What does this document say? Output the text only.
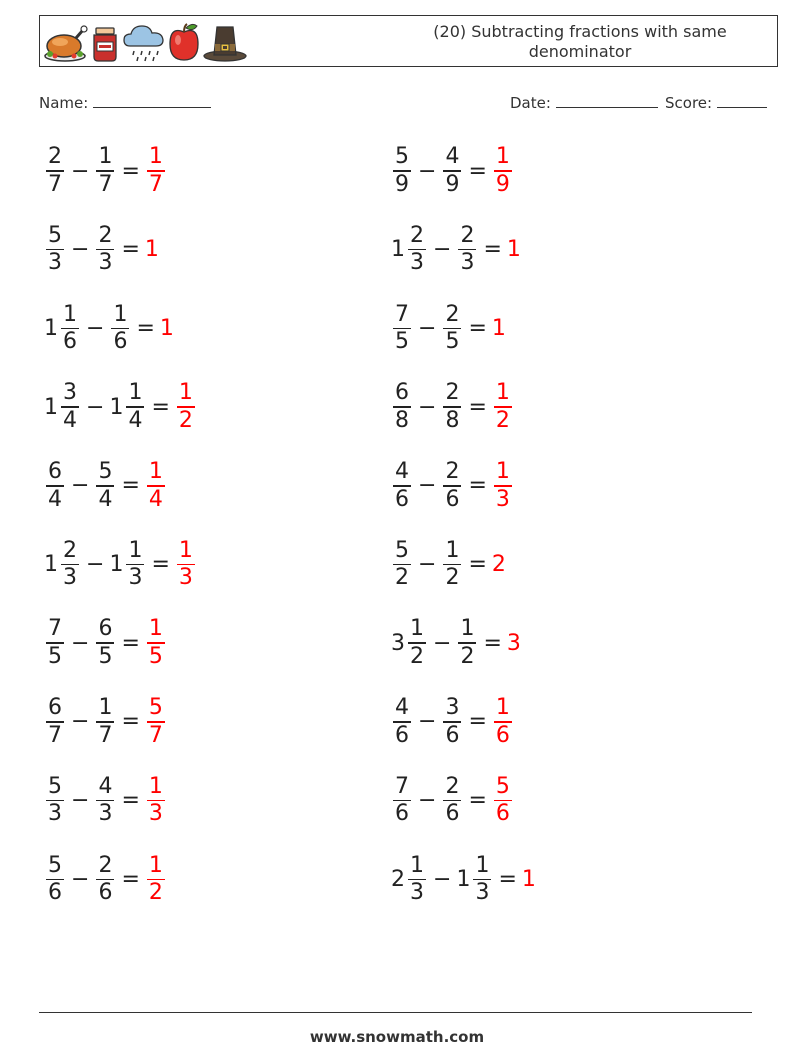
(20) Subtracting fractions with same denominator
Name:	Date:	Score:
$\frac{2}{7} - \frac{1}{7} = \frac{1}{7}$	$\frac{5}{9} - \frac{4}{9} = \frac{1}{9}$
$\frac{5}{3} - \frac{2}{3} = 1$	$1 \frac{2}{3} - \frac{2}{3} = 1$
$1 \frac{1}{6} - \frac{1}{6} = 1$	$\frac{7}{5} - \frac{2}{5} = 1$
$1 \frac{3}{4} - 1 \frac{1}{4} = \frac{1}{2}$	$\frac{6}{8} - \frac{2}{8} = \frac{1}{2}$
$\frac{6}{4} - \frac{5}{4} = \frac{1}{4}$	$\frac{4}{6} - \frac{2}{6} = \frac{1}{3}$
$1 \frac{2}{3} - 1 \frac{1}{3} = \frac{1}{3}$	$\frac{5}{2} - \frac{1}{2} = 2$
$\frac{7}{5} - \frac{6}{5} = \frac{1}{5}$	$3 \frac{1}{2} - \frac{1}{2} = 3$
$\frac{6}{7} - \frac{1}{7} = \frac{5}{7}$	$\frac{4}{6} - \frac{3}{6} = \frac{1}{6}$
$\frac{5}{3} - \frac{4}{3} = \frac{1}{3}$	$\frac{7}{6} - \frac{2}{6} = \frac{5}{6}$
$\frac{5}{6} - \frac{2}{6} = \frac{1}{2}$	$2 \frac{1}{3} - 1 \frac{1}{3} = 1$
www.snowmath.com
